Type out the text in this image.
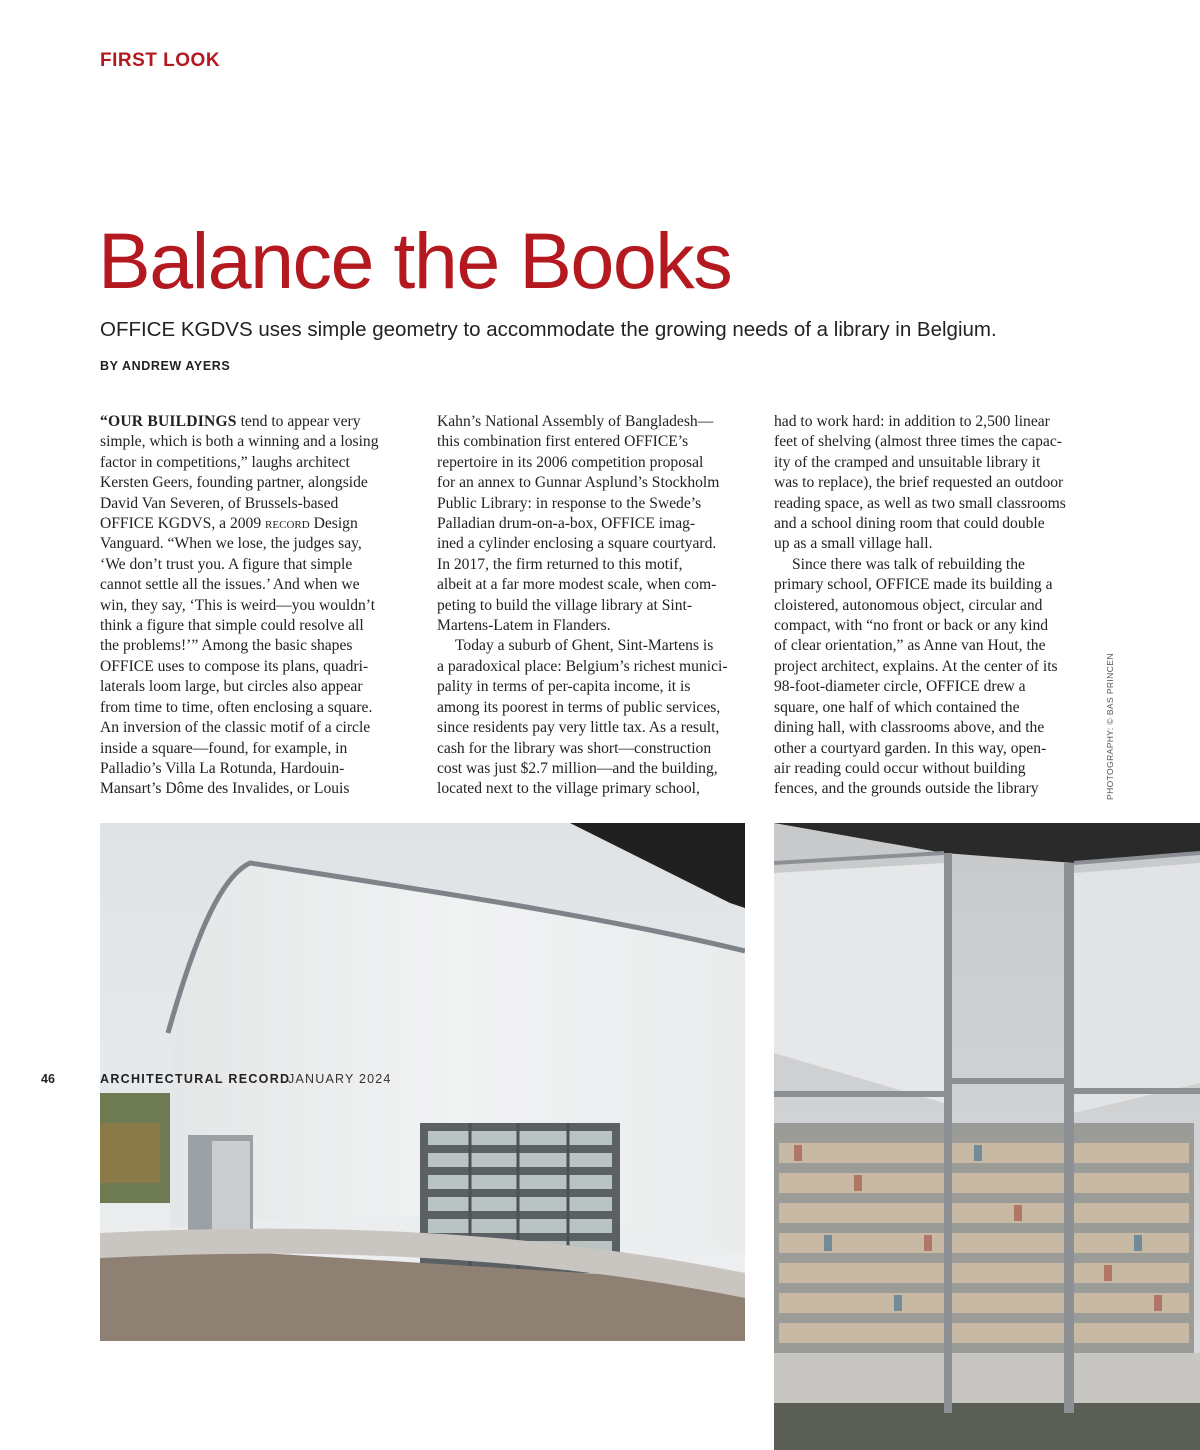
FIRST LOOK
Balance the Books
OFFICE KGDVS uses simple geometry to accommodate the growing needs of a library in Belgium.
BY ANDREW AYERS

“OUR BUILDINGS tend to appear very

simple, which is both a winning and a losing

factor in competitions,” laughs architect

Kersten Geers, founding partner, alongside

David Van Severen, of Brussels-based

OFFICE KGDVS, a 2009 record Design

Vanguard. “When we lose, the judges say,

‘We don’t trust you. A figure that simple

cannot settle all the issues.’ And when we

win, they say, ‘This is weird—you wouldn’t

think a figure that simple could resolve all

the problems!’” Among the basic shapes

OFFICE uses to compose its plans, quadri-

laterals loom large, but circles also appear

from time to time, often enclosing a square.

An inversion of the classic motif of a circle

inside a square—found, for example, in

Palladio’s Villa La Rotunda, Hardouin-

Mansart’s Dôme des Invalides, or Louis

Kahn’s National Assembly of Bangladesh—

this combination first entered OFFICE’s

repertoire in its 2006 competition proposal

for an annex to Gunnar Asplund’s Stockholm

Public Library: in response to the Swede’s

Palladian drum-on-a-box, OFFICE imag-

ined a cylinder enclosing a square courtyard.

In 2017, the firm returned to this motif,

albeit at a far more modest scale, when com-

peting to build the village library at Sint-

Martens-Latem in Flanders.

Today a suburb of Ghent, Sint-Martens is

a paradoxical place: Belgium’s richest munici-

pality in terms of per-capita income, it is

among its poorest in terms of public services,

since residents pay very little tax. As a result,

cash for the library was short—construction

cost was just $2.7 million—and the building,

located next to the village primary school,

had to work hard: in addition to 2,500 linear

feet of shelving (almost three times the capac-

ity of the cramped and unsuitable library it

was to replace), the brief requested an outdoor

reading space, as well as two small classrooms

and a school dining room that could double

up as a small village hall.

Since there was talk of rebuilding the

primary school, OFFICE made its building a

cloistered, autonomous object, circular and

compact, with “no front or back or any kind

of clear orientation,” as Anne van Hout, the

project architect, explains. At the center of its

98-foot-diameter circle, OFFICE drew a

square, one half of which contained the

dining hall, with classrooms above, and the

other a courtyard garden. In this way, open-

air reading could occur without building

fences, and the grounds outside the library	PHOTOGRAPHY: © BAS PRINCEN
46	ARCHITECTURAL RECORD
JANUARY 2024
